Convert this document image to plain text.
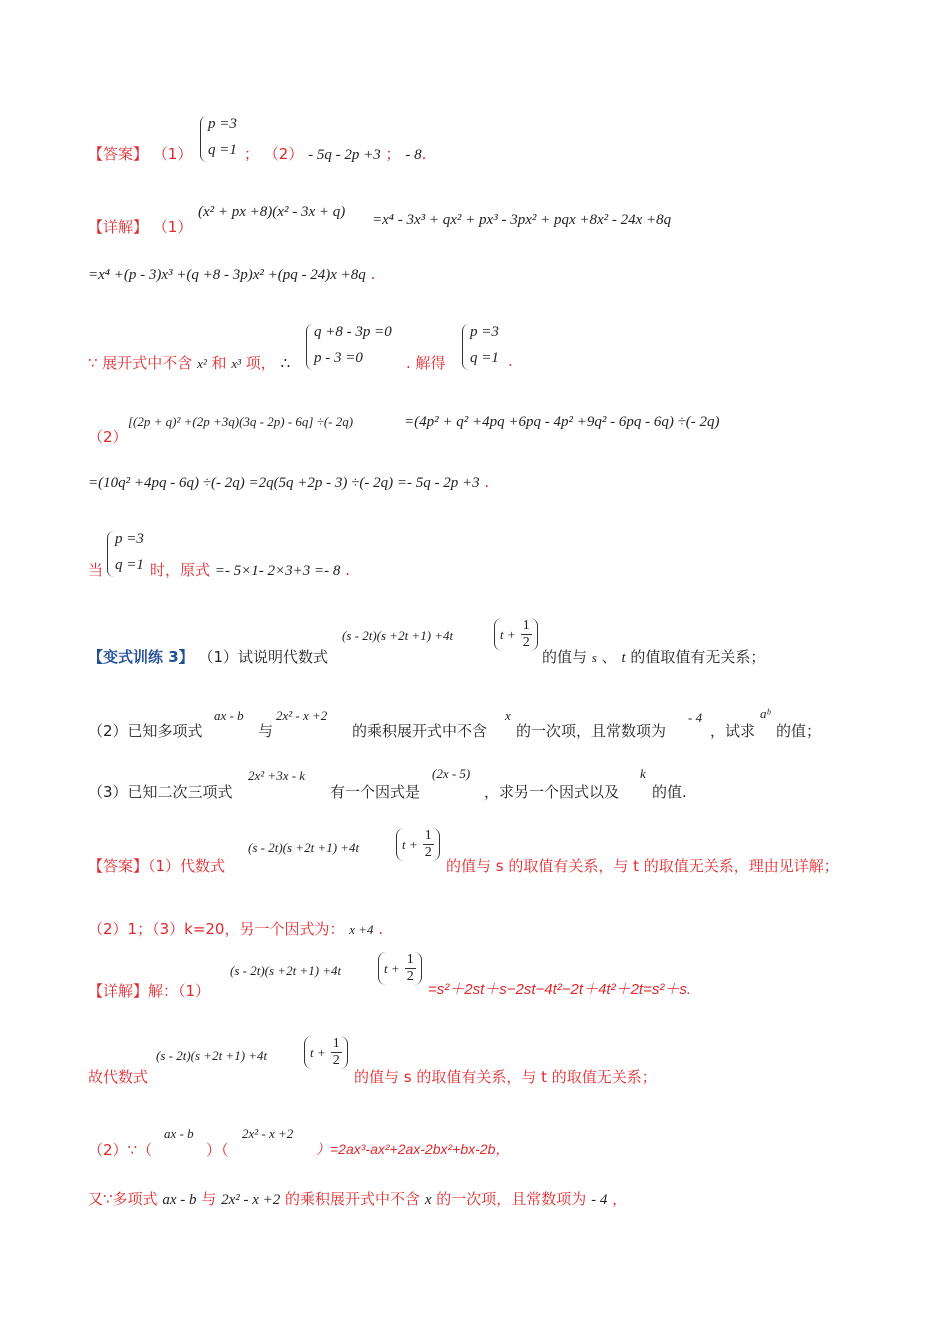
【答案】 （1）
p =3
q =1 ； （2） - 5q - 2p +3 ； - 8.
【详解】 （1）
(x² + px +8)(x² - 3x + q) =x⁴ - 3x³ + qx² + px³ - 3px² + pqx +8x² - 24x +8q
=x⁴ +(p - 3)x³ +(q +8 - 3p)x² +(pq - 24)x +8q .
∵ 展开式中不含 x² 和 x³ 项， ∴
q +8 - 3p =0
p - 3 =0	. 解得
p =3
q =1 .
（2）
[(2p + q)² +(2p +3q)(3q - 2p) - 6q] ÷(- 2q)	=(4p² + q² +4pq +6pq - 4p² +9q² - 6pq - 6q) ÷(- 2q)
=(10q² +4pq - 6q) ÷(- 2q) =2q(5q +2p - 3) ÷(- 2q) =- 5q - 2p +3 .
当
p =3
q =1 时，原式 =- 5×1- 2×3+3 =- 8 .
【变式训练 3】 （1）试说明代数式
(s - 2t)(s +2t +1) +4t	$t + \frac{1}{2}$
的值与 s 、 t 的值取值有无关系；
（2）已知多项式
ax - b
与
2x² - x +2
的乘积展开式中不含
x
的一次项，且常数项为
- 4
，试求
aᵇ
的值；
（3）已知二次三项式
2x² +3x - k
有一个因式是
(2x - 5)
，求另一个因式以及
k
的值.
【答案】（1）代数式
(s - 2t)(s +2t +1) +4t	$t + \frac{1}{2}$
的值与 s 的取值有关系，与 t 的取值无关系，理由见详解；
（2）1；（3）k=20，另一个因式为： x +4 .
【详解】解：（1）
(s - 2t)(s +2t +1) +4t	$t + \frac{1}{2}$
=s²＋2st＋s−2st−4t²−2t＋4t²＋2t=s²＋s.
故代数式
(s - 2t)(s +2t +1) +4t	$t + \frac{1}{2}$
的值与 s 的取值有关系，与 t 的取值无关系；
（2）∵（
ax - b
）（
2x² - x +2
）=2ax³-ax²+2ax-2bx²+bx-2b，
又∵多项式 ax - b 与 2x² - x +2 的乘积展开式中不含 x 的一次项，且常数项为 - 4 ，
